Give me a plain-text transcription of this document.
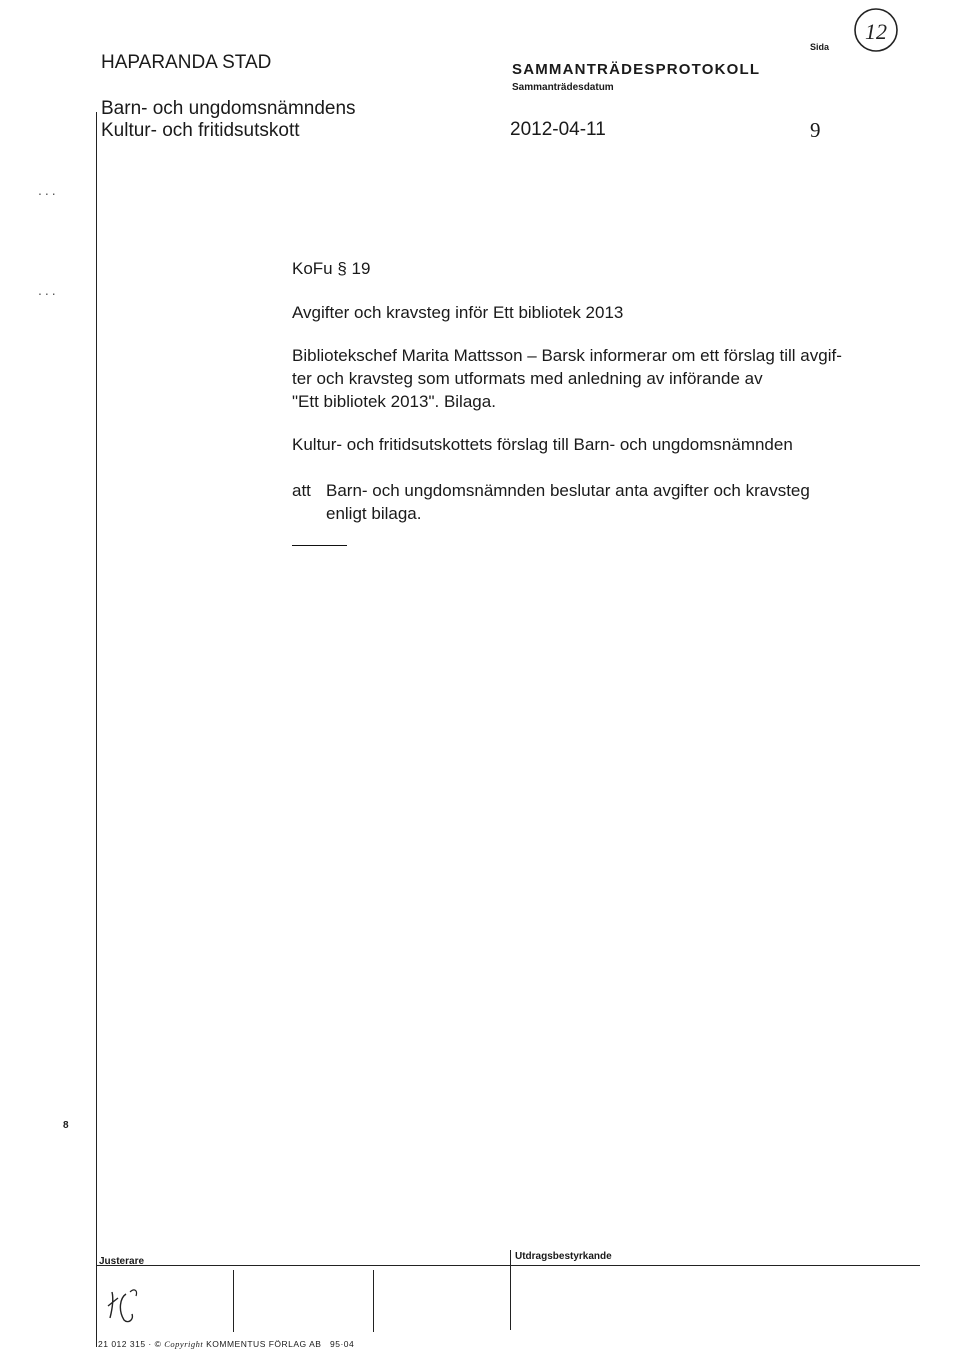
HAPARANDA STAD
Barn- och ungdomsnämndens
Kultur- och fritidsutskott
SAMMANTRÄDESPROTOKOLL
Sammanträdesdatum
2012-04-11
Sida
9
12
...
...
KoFu § 19
Avgifter och kravsteg inför Ett bibliotek 2013

Bibliotekschef Marita Mattsson – Barsk informerar om ett förslag till avgif-

ter och kravsteg som utformats med anledning av införande av

"Ett bibliotek 2013". Bilaga.

Kultur- och fritidsutskottets förslag till Barn- och ungdomsnämnden
att Barn- och ungdomsnämnden beslutar anta avgifter och kravsteg

enligt bilaga.

8
Justerare	Utdragsbestyrkande
21 012 315 · © Copyright KOMMENTUS FÖRLAG AB 95·04
